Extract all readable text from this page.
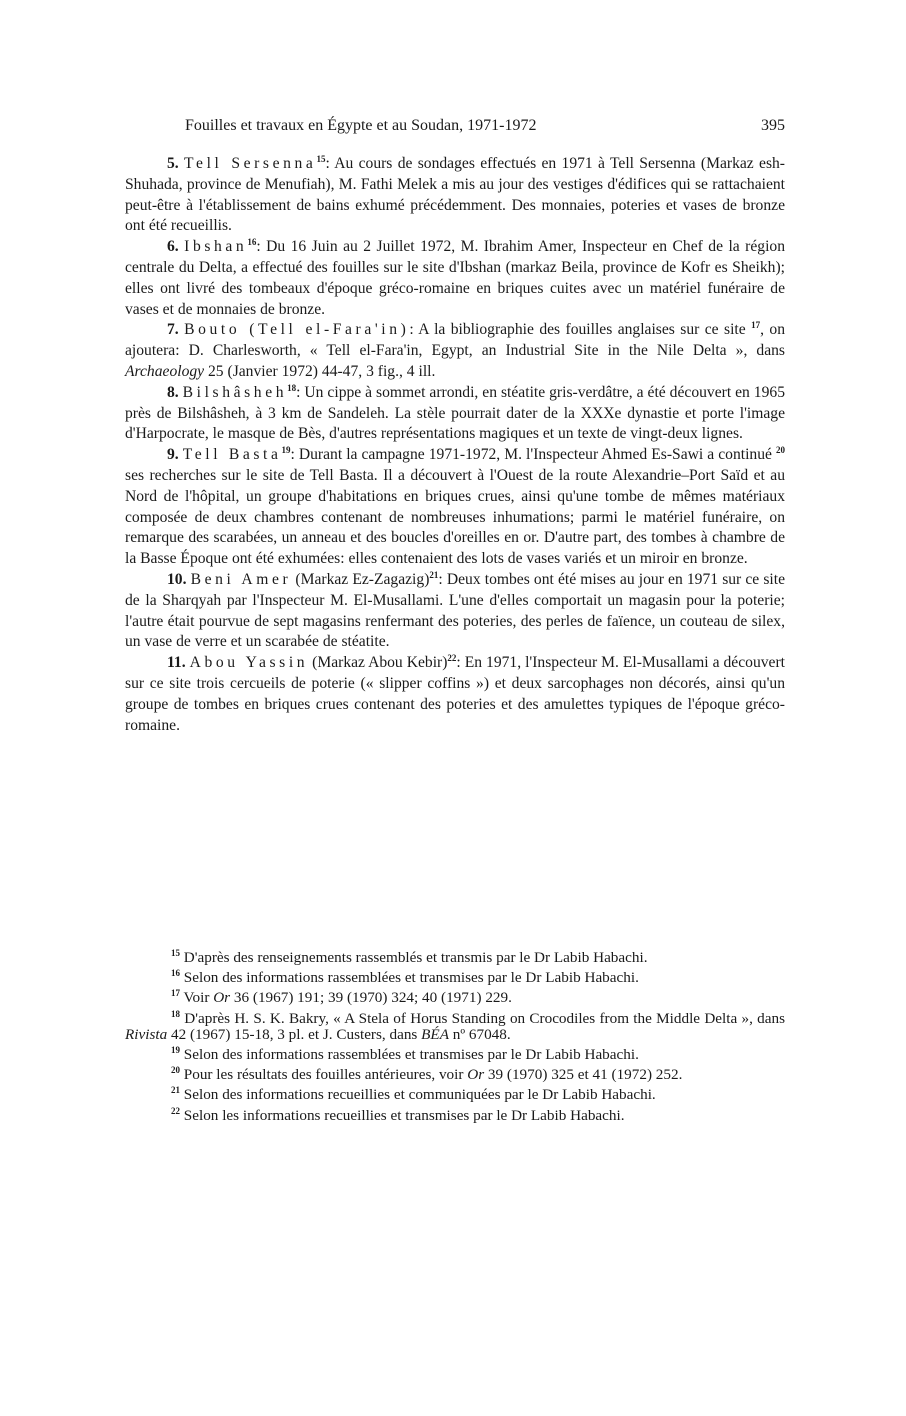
Fouilles et travaux en Égypte et au Soudan, 1971-1972	395

5. Tell Sersenna$^{15}$: Au cours de sondages effectués en 1971 à Tell Sersenna (Markaz esh-Shuhada, province de Menufiah), M. Fathi Melek a mis au jour des vestiges d'édifices qui se rattachaient peut-être à l'établissement de bains exhumé précédemment. Des monnaies, poteries et vases de bronze ont été recueillis.

6. Ibshan$^{16}$: Du 16 Juin au 2 Juillet 1972, M. Ibrahim Amer, Inspecteur en Chef de la région centrale du Delta, a effectué des fouilles sur le site d'Ibshan (markaz Beila, province de Kofr es Sheikh); elles ont livré des tombeaux d'époque gréco-romaine en briques cuites avec un matériel funéraire de vases et de monnaies de bronze.

7. Bouto (Tell el-Fara'in): A la bibliographie des fouilles anglaises sur ce site $^{17}$, on ajoutera: D. Charlesworth, « Tell el-Fara'in, Egypt, an Industrial Site in the Nile Delta », dans Archaeology 25 (Janvier 1972) 44-47, 3 fig., 4 ill.

8. Bilshâsheh$^{18}$: Un cippe à sommet arrondi, en stéatite gris-verdâtre, a été découvert en 1965 près de Bilshâsheh, à 3 km de Sandeleh. La stèle pourrait dater de la XXXe dynastie et porte l'image d'Harpocrate, le masque de Bès, d'autres représentations magiques et un texte de vingt-deux lignes.

9. Tell Basta$^{19}$: Durant la campagne 1971-1972, M. l'Inspecteur Ahmed Es-Sawi a continué $^{20}$ ses recherches sur le site de Tell Basta. Il a découvert à l'Ouest de la route Alexandrie–Port Saïd et au Nord de l'hôpital, un groupe d'habitations en briques crues, ainsi qu'une tombe de mêmes matériaux composée de deux chambres contenant de nombreuses inhumations; parmi le matériel funéraire, on remarque des scarabées, un anneau et des boucles d'oreilles en or. D'autre part, des tombes à chambre de la Basse Époque ont été exhumées: elles contenaient des lots de vases variés et un miroir en bronze.

10. Beni Amer (Markaz Ez-Zagazig)$^{21}$: Deux tombes ont été mises au jour en 1971 sur ce site de la Sharqyah par l'Inspecteur M. El-Musallami. L'une d'elles comportait un magasin pour la poterie; l'autre était pourvue de sept magasins renfermant des poteries, des perles de faïence, un couteau de silex, un vase de verre et un scarabée de stéatite.

11. Abou Yassin (Markaz Abou Kebir)$^{22}$: En 1971, l'Inspecteur M. El-Musallami a découvert sur ce site trois cercueils de poterie (« slipper coffins ») et deux sarcophages non décorés, ainsi qu'un groupe de tombes en briques crues contenant des poteries et des amulettes typiques de l'époque gréco-romaine.

$^{15}$ D'après des renseignements rassemblés et transmis par le Dr Labib Habachi.

$^{16}$ Selon des informations rassemblées et transmises par le Dr Labib Habachi.

$^{17}$ Voir Or 36 (1967) 191; 39 (1970) 324; 40 (1971) 229.

$^{18}$ D'après H. S. K. Bakry, « A Stela of Horus Standing on Crocodiles from the Middle Delta », dans Rivista 42 (1967) 15-18, 3 pl. et J. Custers, dans BÉA nº 67048.

$^{19}$ Selon des informations rassemblées et transmises par le Dr Labib Habachi.

$^{20}$ Pour les résultats des fouilles antérieures, voir Or 39 (1970) 325 et 41 (1972) 252.

$^{21}$ Selon des informations recueillies et communiquées par le Dr Labib Habachi.

$^{22}$ Selon les informations recueillies et transmises par le Dr Labib Habachi.
